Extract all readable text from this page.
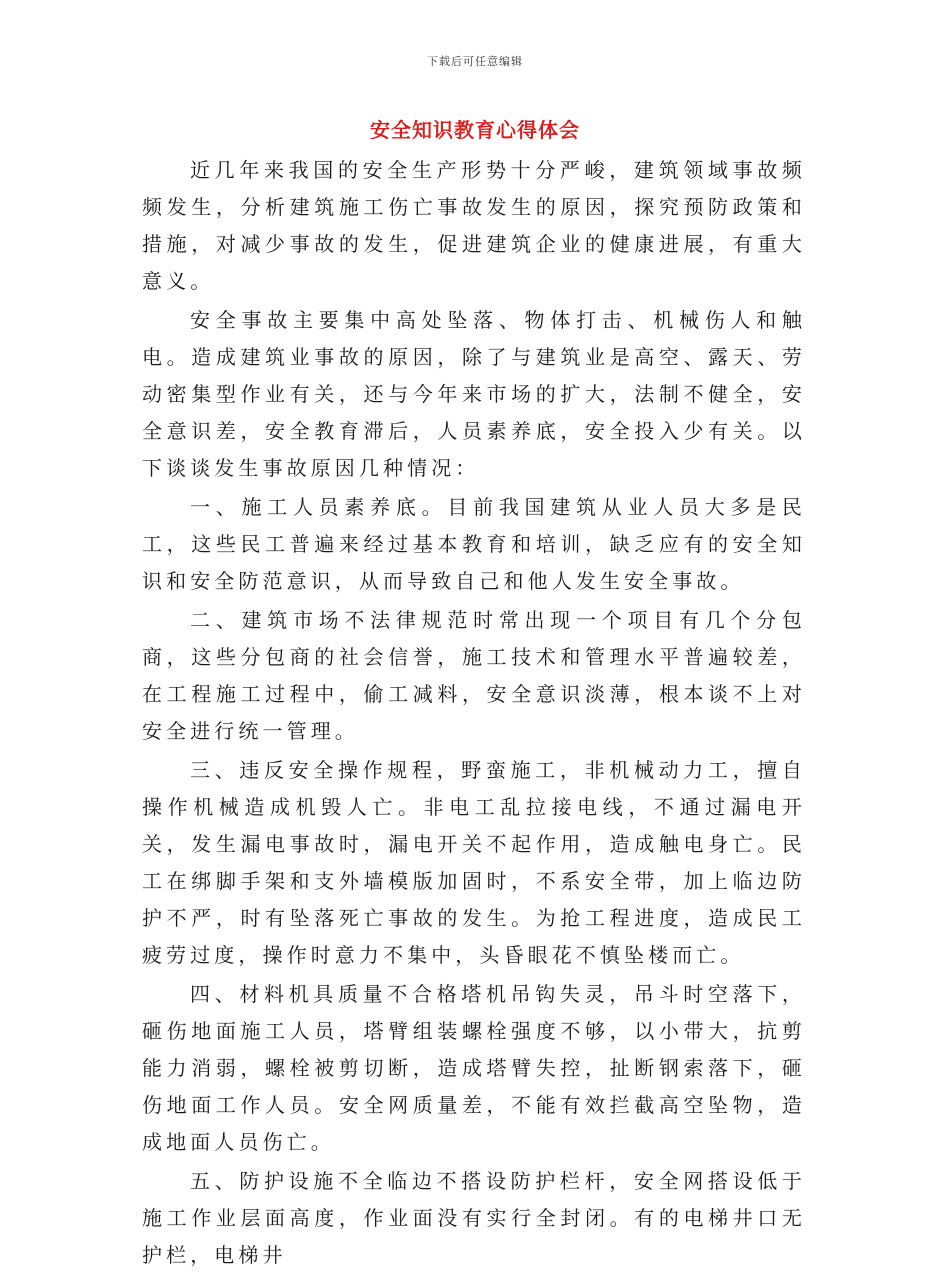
下载后可任意编辑
安全知识教育心得体会

近几年来我国的安全生产形势十分严峻，建筑领域事故频频发生，分析建筑施工伤亡事故发生的原因，探究预防政策和措施，对减少事故的发生，促进建筑企业的健康进展，有重大意义。

安全事故主要集中高处坠落、物体打击、机械伤人和触电。造成建筑业事故的原因，除了与建筑业是高空、露天、劳动密集型作业有关，还与今年来市场的扩大，法制不健全，安全意识差，安全教育滞后，人员素养底，安全投入少有关。以下谈谈发生事故原因几种情况：

一、施工人员素养底。目前我国建筑从业人员大多是民工，这些民工普遍来经过基本教育和培训，缺乏应有的安全知识和安全防范意识，从而导致自己和他人发生安全事故。

二、建筑市场不法律规范时常出现一个项目有几个分包商，这些分包商的社会信誉，施工技术和管理水平普遍较差，在工程施工过程中，偷工减料，安全意识淡薄，根本谈不上对安全进行统一管理。

三、违反安全操作规程，野蛮施工，非机械动力工，擅自操作机械造成机毁人亡。非电工乱拉接电线，不通过漏电开关，发生漏电事故时，漏电开关不起作用，造成触电身亡。民工在绑脚手架和支外墙模版加固时，不系安全带，加上临边防护不严，时有坠落死亡事故的发生。为抢工程进度，造成民工疲劳过度，操作时意力不集中，头昏眼花不慎坠楼而亡。

四、材料机具质量不合格塔机吊钩失灵，吊斗时空落下，砸伤地面施工人员，塔臂组装螺栓强度不够，以小带大，抗剪能力消弱，螺栓被剪切断，造成塔臂失控，扯断钢索落下，砸伤地面工作人员。安全网质量差，不能有效拦截高空坠物，造成地面人员伤亡。

五、防护设施不全临边不搭设防护栏杆，安全网搭设低于施工作业层面高度，作业面没有实行全封闭。有的电梯井口无护栏，电梯井
